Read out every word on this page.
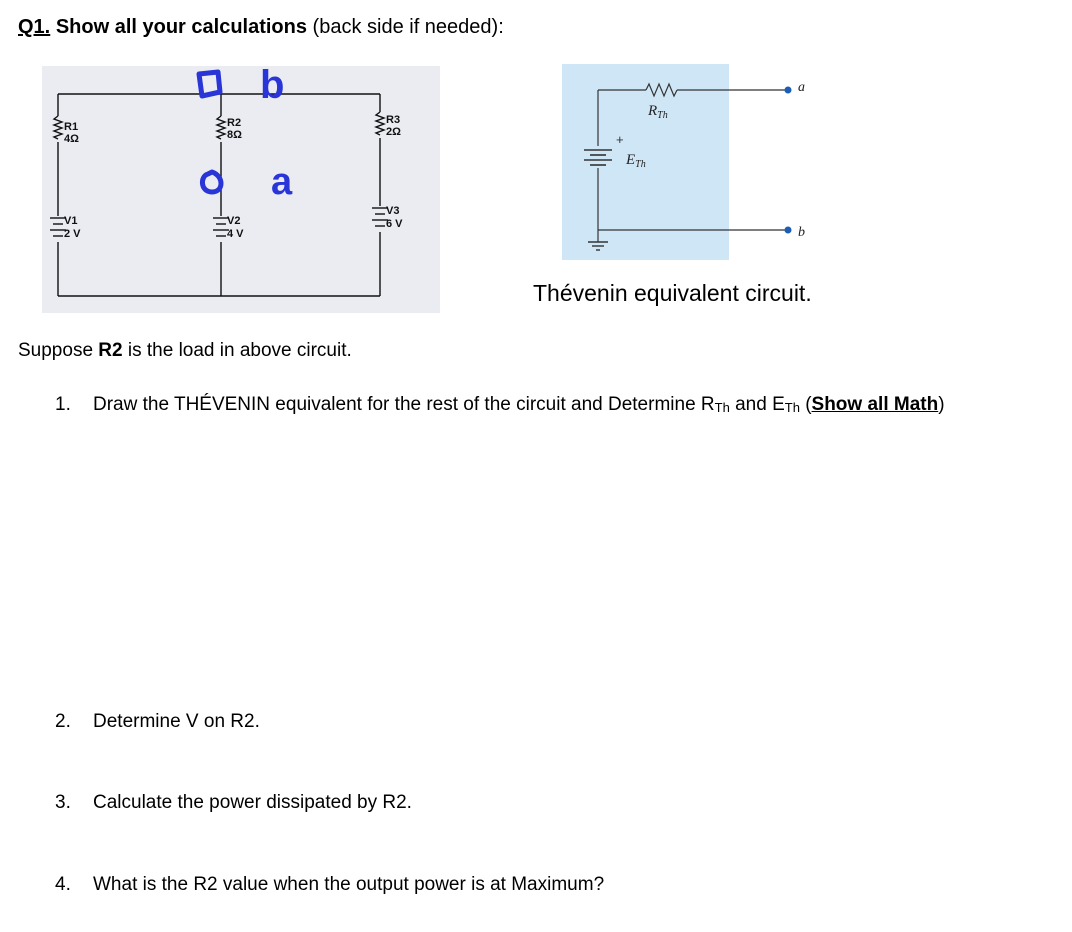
Q1. Show all your calculations (back side if needed):
R1
4Ω
R2
8Ω
R3
2Ω
V1
2 V
V2
4 V
V3
6 V
b
a
+
$R_{Th}$
$E_{Th}$
a
b
Thévenin equivalent circuit.
Suppose R2 is the load in above circuit.
1. Draw the THÉVENIN equivalent for the rest of the circuit and Determine $R_{Th}$ and $E_{Th}$ (Show all Math)
2. Determine V on R2.
3. Calculate the power dissipated by R2.
4. What is the R2 value when the output power is at Maximum?
